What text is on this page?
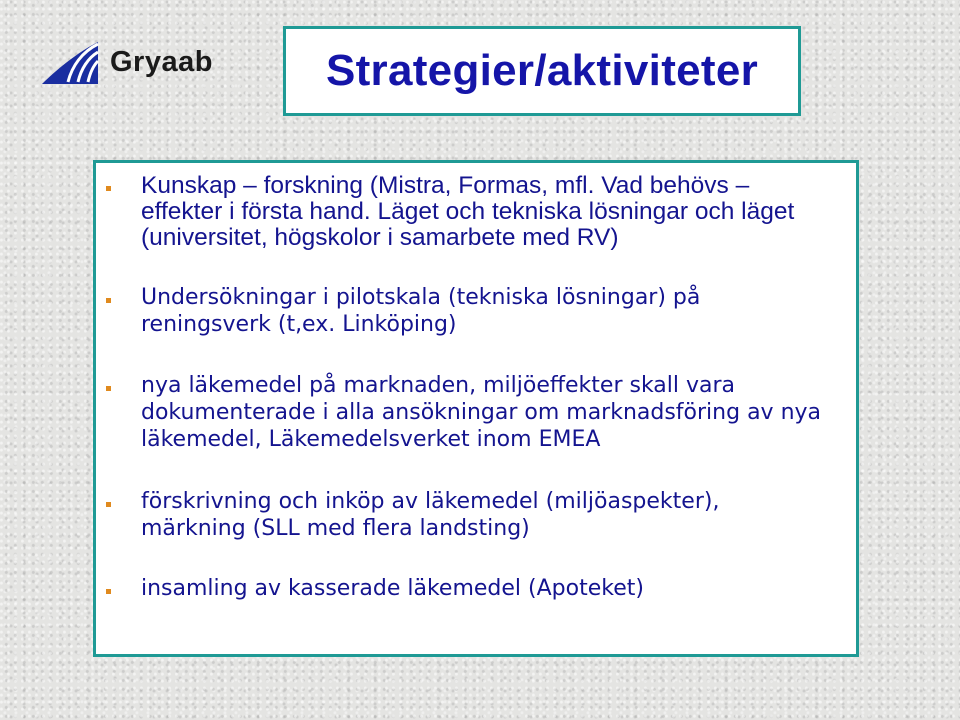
Gryaab	Strategier/aktiviteter
Kunskap – forskning (Mistra, Formas, mfl. Vad behövs – effekter i första hand. Läget och tekniska lösningar och läget (universitet, högskolor i samarbete med RV)
Undersökningar i pilotskala (tekniska lösningar) på reningsverk (t,ex. Linköping)
nya läkemedel på marknaden, miljöeffekter skall vara dokumenterade i alla ansökningar om marknadsföring av nya läkemedel, Läkemedelsverket inom EMEA
förskrivning och inköp av läkemedel (miljöaspekter), märkning (SLL med flera landsting)
insamling av kasserade läkemedel (Apoteket)
